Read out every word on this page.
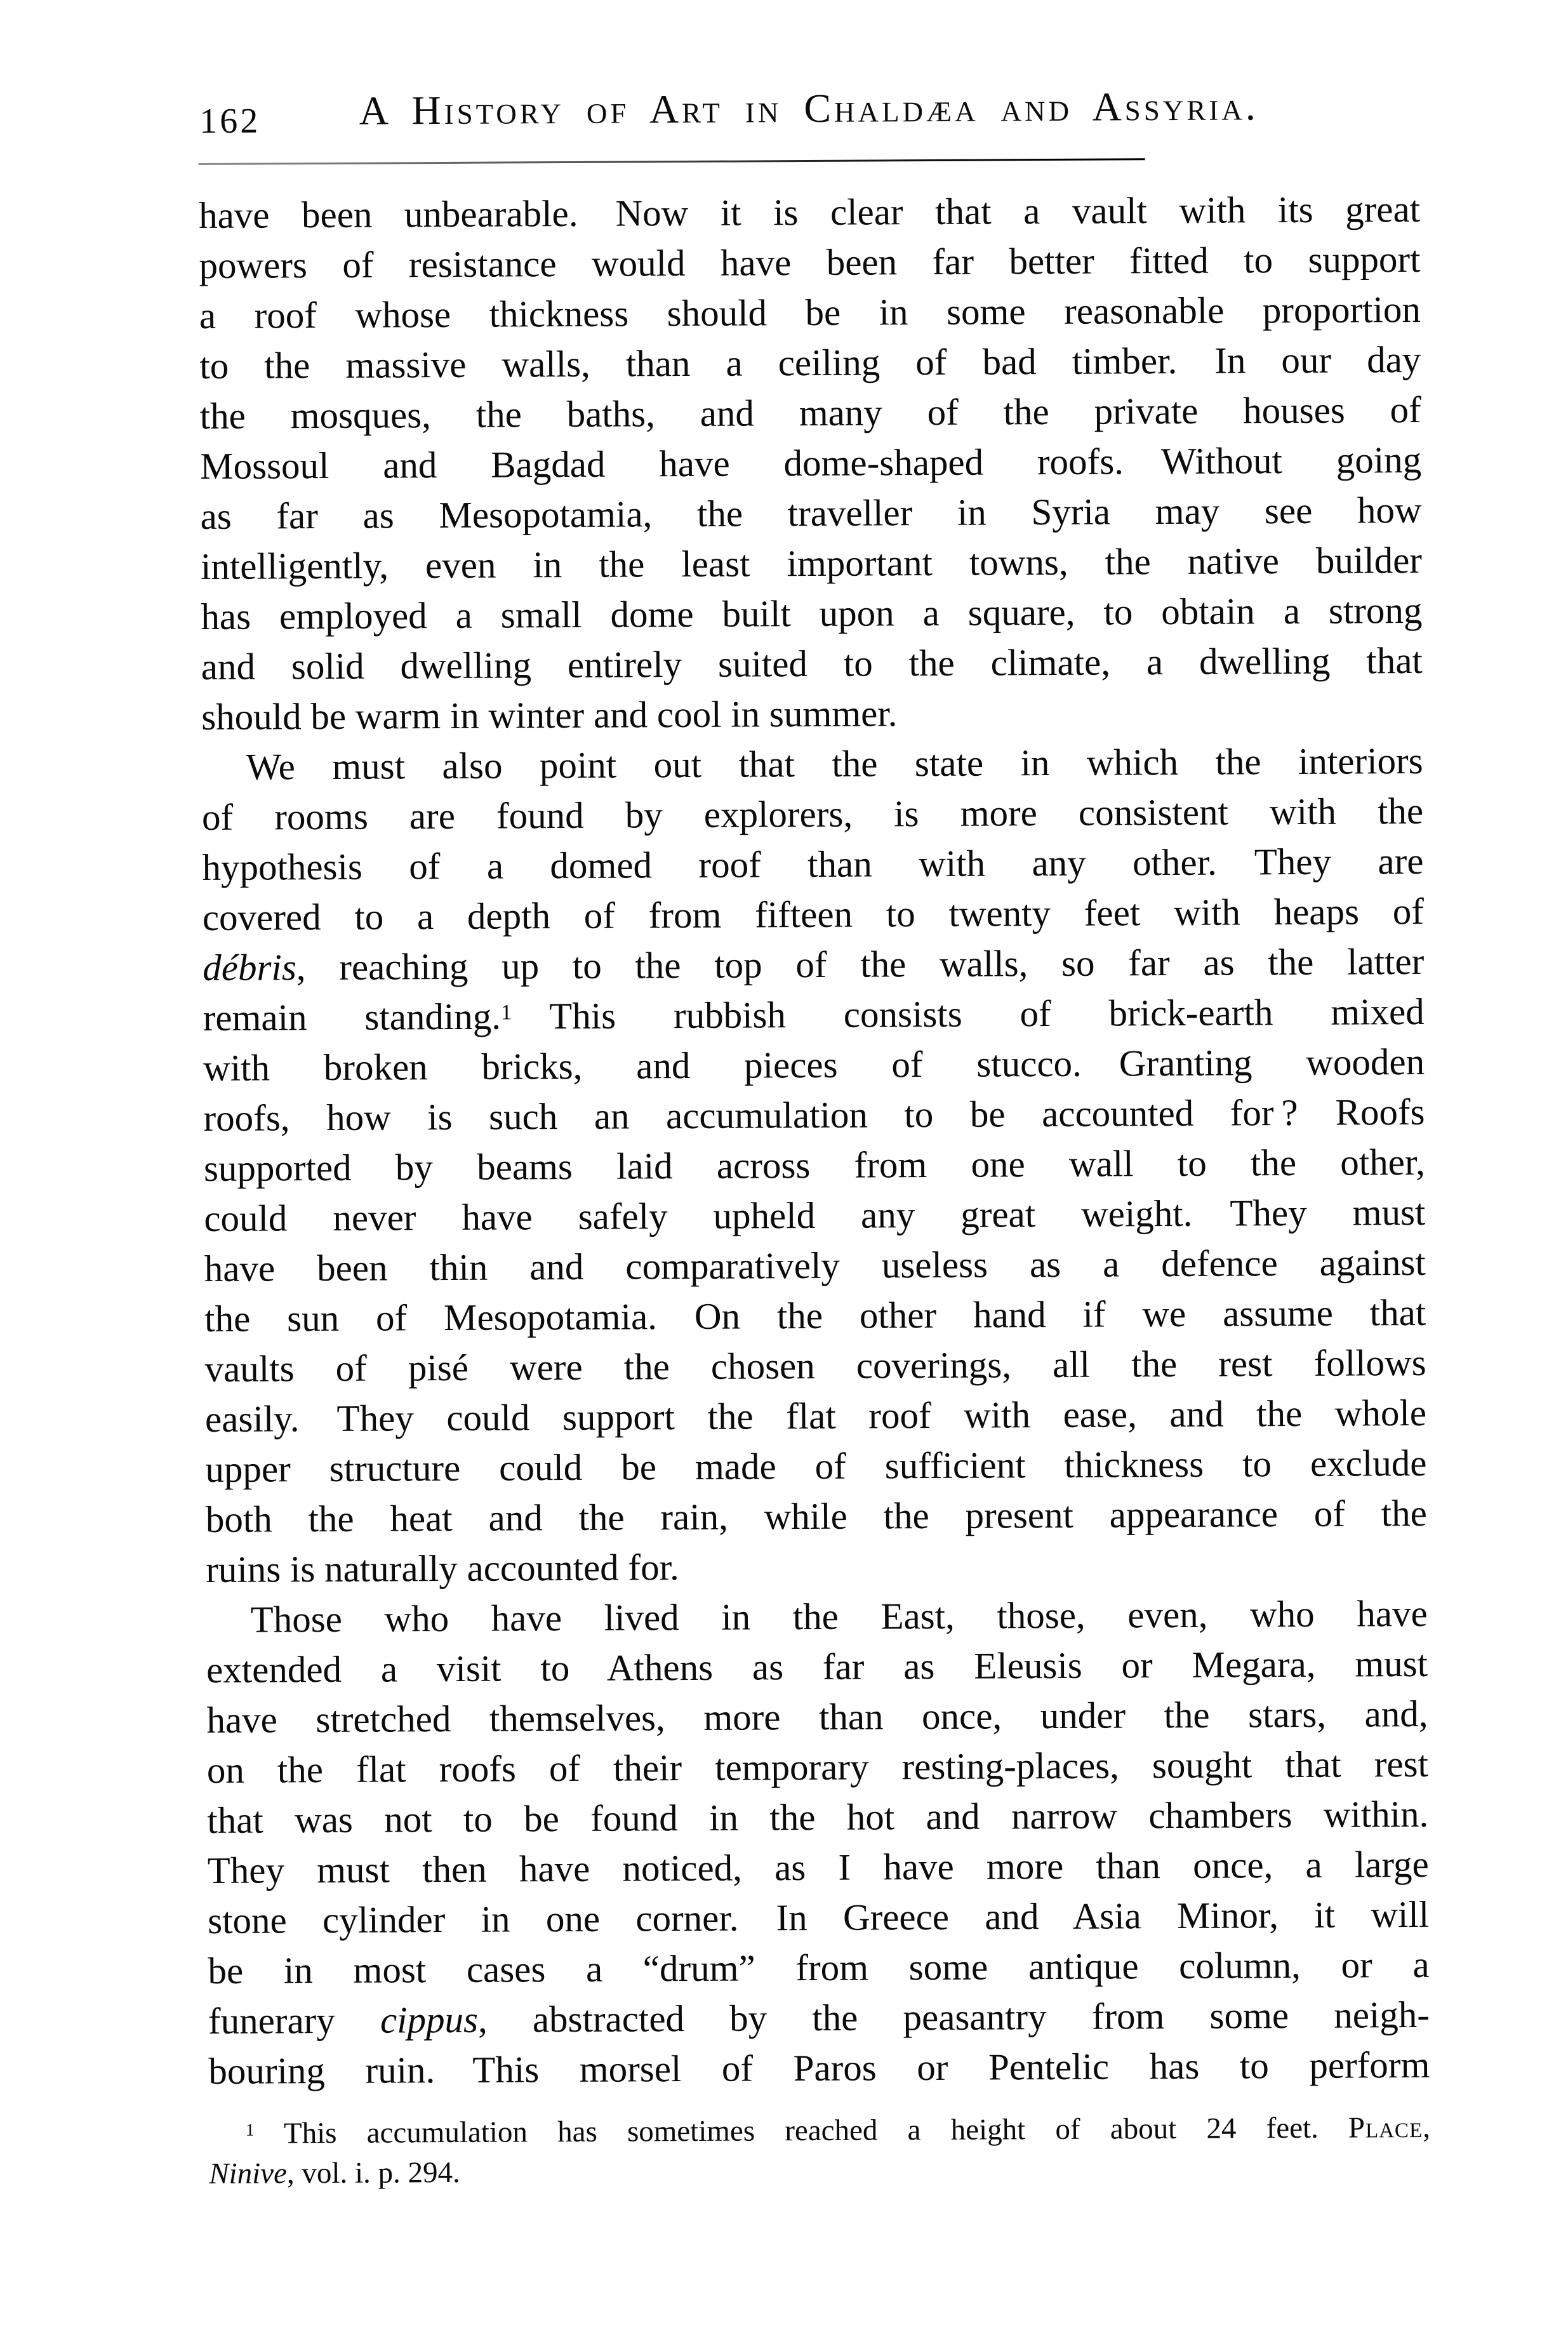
162	A History of Art in Chaldæa and Assyria.
have been unbearable. Now it is clear that a vault with its great
powers of resistance would have been far better fitted to support
a roof whose thickness should be in some reasonable proportion
to the massive walls, than a ceiling of bad timber. In our day
the mosques, the baths, and many of the private houses of
Mossoul and Bagdad have dome-shaped roofs. Without going
as far as Mesopotamia, the traveller in Syria may see how
intelligently, even in the least important towns, the native builder
has employed a small dome built upon a square, to obtain a strong
and solid dwelling entirely suited to the climate, a dwelling that
should be warm in winter and cool in summer.
We must also point out that the state in which the interiors
of rooms are found by explorers, is more consistent with the
hypothesis of a domed roof than with any other. They are
covered to a depth of from fifteen to twenty feet with heaps of
débris, reaching up to the top of the walls, so far as the latter
remain standing.$^1$ This rubbish consists of brick-earth mixed
with broken bricks, and pieces of stucco. Granting wooden
roofs, how is such an accumulation to be accounted for ? Roofs
supported by beams laid across from one wall to the other,
could never have safely upheld any great weight. They must
have been thin and comparatively useless as a defence against
the sun of Mesopotamia. On the other hand if we assume that
vaults of pisé were the chosen coverings, all the rest follows
easily. They could support the flat roof with ease, and the whole
upper structure could be made of sufficient thickness to exclude
both the heat and the rain, while the present appearance of the
ruins is naturally accounted for.
Those who have lived in the East, those, even, who have
extended a visit to Athens as far as Eleusis or Megara, must
have stretched themselves, more than once, under the stars, and,
on the flat roofs of their temporary resting-places, sought that rest
that was not to be found in the hot and narrow chambers within.
They must then have noticed, as I have more than once, a large
stone cylinder in one corner. In Greece and Asia Minor, it will
be in most cases a “drum” from some antique column, or a
funerary cippus, abstracted by the peasantry from some neigh-
bouring ruin. This morsel of Paros or Pentelic has to perform
$^1$ This accumulation has sometimes reached a height of about 24 feet. Place,
Ninive, vol. i. p. 294.
